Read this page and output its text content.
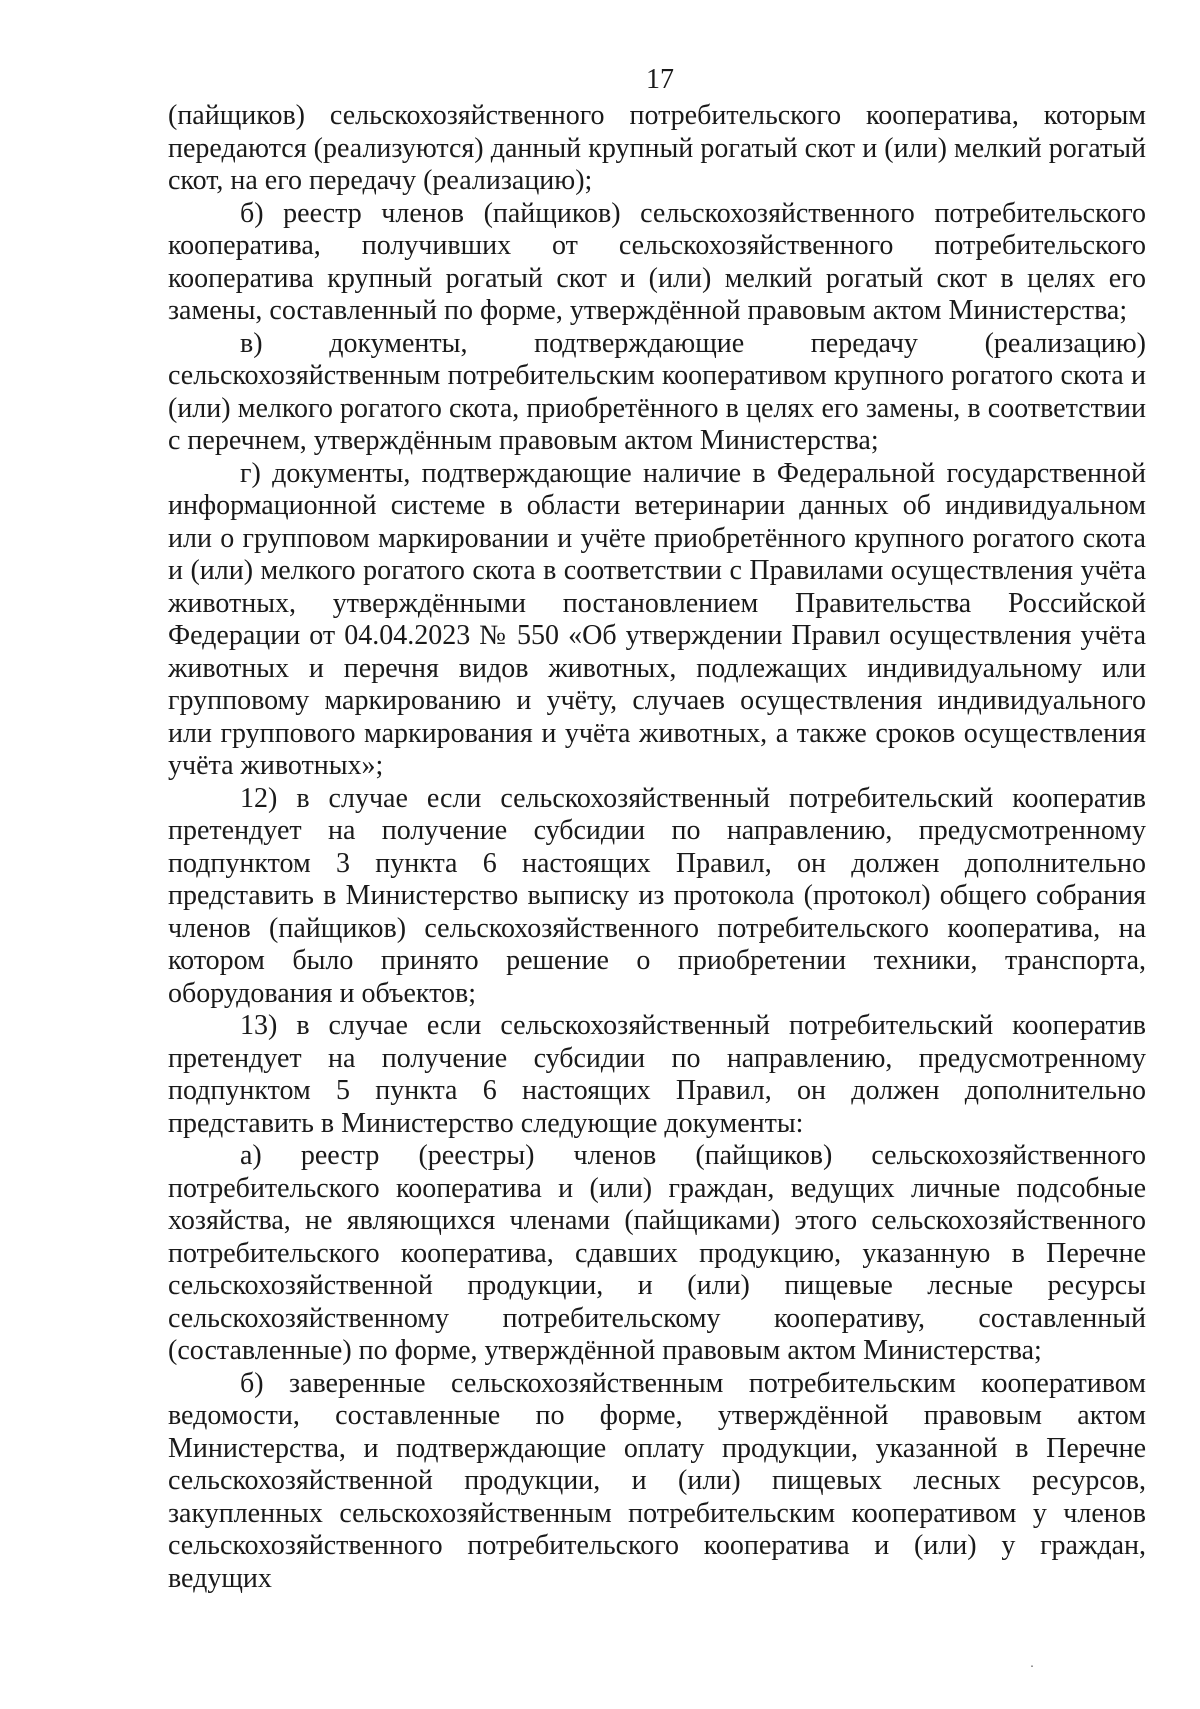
17

(пайщиков) сельскохозяйственного потребительского кооператива, которым передаются (реализуются) данный крупный рогатый скот и (или) мелкий рогатый скот, на его передачу (реализацию);

б) реестр членов (пайщиков) сельскохозяйственного потребительского кооператива, получивших от сельскохозяйственного потребительского кооператива крупный рогатый скот и (или) мелкий рогатый скот в целях его замены, составленный по форме, утверждённой правовым актом Министерства;

в) документы, подтверждающие передачу (реализацию) сельскохозяйственным потребительским кооперативом крупного рогатого скота и (или) мелкого рогатого скота, приобретённого в целях его замены, в соответствии с перечнем, утверждённым правовым актом Министерства;

г) документы, подтверждающие наличие в Федеральной государственной информационной системе в области ветеринарии данных об индивидуальном или о групповом маркировании и учёте приобретённого крупного рогатого скота и (или) мелкого рогатого скота в соответствии с Правилами осуществления учёта животных, утверждёнными постановлением Правительства Российской Федерации от 04.04.2023 № 550 «Об утверждении Правил осуществления учёта животных и перечня видов животных, подлежащих индивидуальному или групповому маркированию и учёту, случаев осуществления индивидуального или группового маркирования и учёта животных, а также сроков осуществления учёта животных»;

12) в случае если сельскохозяйственный потребительский кооператив претендует на получение субсидии по направлению, предусмотренному подпунктом 3 пункта 6 настоящих Правил, он должен дополнительно представить в Министерство выписку из протокола (протокол) общего собрания членов (пайщиков) сельскохозяйственного потребительского кооператива, на котором было принято решение о приобретении техники, транспорта, оборудования и объектов;

13) в случае если сельскохозяйственный потребительский кооператив претендует на получение субсидии по направлению, предусмотренному подпунктом 5 пункта 6 настоящих Правил, он должен дополнительно представить в Министерство следующие документы:

а) реестр (реестры) членов (пайщиков) сельскохозяйственного потребительского кооператива и (или) граждан, ведущих личные подсобные хозяйства, не являющихся членами (пайщиками) этого сельскохозяйственного потребительского кооператива, сдавших продукцию, указанную в Перечне сельскохозяйственной продукции, и (или) пищевые лесные ресурсы сельскохозяйственному потребительскому кооперативу, составленный (составленные) по форме, утверждённой правовым актом Министерства;

б) заверенные сельскохозяйственным потребительским кооперативом ведомости, составленные по форме, утверждённой правовым актом Министерства, и подтверждающие оплату продукции, указанной в Перечне сельскохозяйственной продукции, и (или) пищевых лесных ресурсов, закупленных сельскохозяйственным потребительским кооперативом у членов сельскохозяйственного потребительского кооператива и (или) у граждан, ведущих

․
